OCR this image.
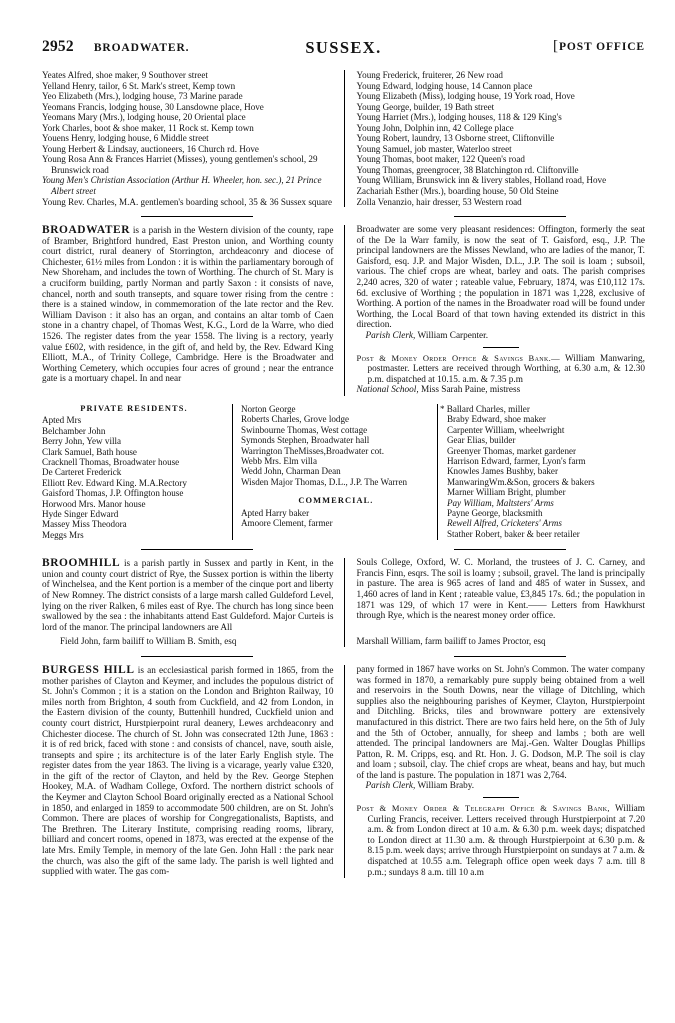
2952 BROADWATER.	SUSSEX.	[POST OFFICE

Yeates Alfred, shoe maker, 9 Southover street

Yelland Henry, tailor, 6 St. Mark's street, Kemp town

Yeo Elizabeth (Mrs.), lodging house, 73 Marine parade

Yeomans Francis, lodging house, 30 Lansdowne place, Hove

Yeomans Mary (Mrs.), lodging house, 20 Oriental place

York Charles, boot & shoe maker, 11 Rock st. Kemp town

Youens Henry, lodging house, 6 Middle street

Young Herbert & Lindsay, auctioneers, 16 Church rd. Hove

Young Rosa Ann & Frances Harriet (Misses), young gentlemen's school, 29 Brunswick road

Young Men's Christian Association (Arthur H. Wheeler, hon. sec.), 21 Prince Albert street

Young Rev. Charles, M.A. gentlemen's boarding school, 35 & 36 Sussex square

Young Frederick, fruiterer, 26 New road

Young Edward, lodging house, 14 Cannon place

Young Elizabeth (Miss), lodging house, 19 York road, Hove

Young George, builder, 19 Bath street

Young Harriet (Mrs.), lodging houses, 118 & 129 King's

Young John, Dolphin inn, 42 College place

Young Robert, laundry, 13 Osborne street, Cliftonville

Young Samuel, job master, Waterloo street

Young Thomas, boot maker, 122 Queen's road

Young Thomas, greengrocer, 38 Blatchington rd. Cliftonville

Young William, Brunswick inn & livery stables, Holland road, Hove

Zachariah Esther (Mrs.), boarding house, 50 Old Steine

Zolla Venanzio, hair dresser, 53 Western road

BROADWATER is a parish in the Western division of the county, rape of Bramber, Brightford hundred, East Preston union, and Worthing county court district, rural deanery of Storrington, archdeaconry and diocese of Chichester, 61½ miles from London : it is within the parliamentary borough of New Shoreham, and includes the town of Worthing. The church of St. Mary is a cruciform building, partly Norman and partly Saxon : it consists of nave, chancel, north and south transepts, and square tower rising from the centre : there is a stained window, in commemoration of the late rector and the Rev. William Davison : it also has an organ, and contains an altar tomb of Caen stone in a chantry chapel, of Thomas West, K.G., Lord de la Warre, who died 1526. The register dates from the year 1558. The living is a rectory, yearly value £602, with residence, in the gift of, and held by, the Rev. Edward King Elliott, M.A., of Trinity College, Cambridge. Here is the Broadwater and Worthing Cemetery, which occupies four acres of ground ; near the entrance gate is a mortuary chapel. In and near

Broadwater are some very pleasant residences: Offington, formerly the seat of the De la Warr family, is now the seat of T. Gaisford, esq., J.P. The principal landowners are the Misses Newland, who are ladies of the manor, T. Gaisford, esq. J.P. and Major Wisden, D.L., J.P. The soil is loam ; subsoil, various. The chief crops are wheat, barley and oats. The parish comprises 2,240 acres, 320 of water ; rateable value, February, 1874, was £10,112 17s. 6d. exclusive of Worthing ; the population in 1871 was 1,228, exclusive of Worthing. A portion of the names in the Broadwater road will be found under Worthing, the Local Board of that town having extended its district in this direction.

Parish Clerk, William Carpenter.

Post & Money Order Office & Savings Bank.— William Manwaring, postmaster. Letters are received through Worthing, at 6.30 a.m, & 12.30 p.m. dispatched at 10.15. a.m. & 7.35 p.m

National School, Miss Sarah Paine, mistress

PRIVATE RESIDENTS.

Apted Mrs

Belchamber John

Berry John, Yew villa

Clark Samuel, Bath house

Cracknell Thomas, Broadwater house

De Carteret Frederick

Elliott Rev. Edward King. M.A.Rectory

Gaisford Thomas, J.P. Offington house

Horwood Mrs. Manor house

Hyde Singer Edward

Massey Miss Theodora

Meggs Mrs

Norton George

Roberts Charles, Grove lodge

Swinbourne Thomas, West cottage

Symonds Stephen, Broadwater hall

Warrington TheMisses,Broadwater cot.

Webb Mrs. Elm villa

Wedd John, Charman Dean

Wisden Major Thomas, D.L., J.P. The Warren

COMMERCIAL.

Apted Harry baker

Amoore Clement, farmer

* Ballard Charles, miller

Braby Edward, shoe maker

Carpenter William, wheelwright

Gear Elias, builder

Greenyer Thomas, market gardener

Harrison Edward, farmer, Lyon's farm

Knowles James Bushby, baker

ManwaringWm.&Son, grocers & bakers

Marner William Bright, plumber

Pay William, Maltsters' Arms

Payne George, blacksmith

Rewell Alfred, Cricketers' Arms

Stather Robert, baker & beer retailer

BROOMHILL is a parish partly in Sussex and partly in Kent, in the union and county court district of Rye, the Sussex portion is within the liberty of Winchelsea, and the Kent portion is a member of the cinque port and liberty of New Romney. The district consists of a large marsh called Guldeford Level, lying on the river Ralken, 6 miles east of Rye. The church has long since been swallowed by the sea : the inhabitants attend East Guldeford. Major Curteis is lord of the manor. The principal landowners are All

Souls College, Oxford, W. C. Morland, the trustees of J. C. Carney, and Francis Finn, esqrs. The soil is loamy ; subsoil, gravel. The land is principally in pasture. The area is 965 acres of land and 485 of water in Sussex, and 1,460 acres of land in Kent ; rateable value, £3,845 17s. 6d.; the population in 1871 was 129, of which 17 were in Kent.—— Letters from Hawkhurst through Rye, which is the nearest money order office.

Field John, farm bailiff to William B. Smith, esq	Marshall William, farm bailiff to James Proctor, esq

BURGESS HILL is an ecclesiastical parish formed in 1865, from the mother parishes of Clayton and Keymer, and includes the populous district of St. John's Common ; it is a station on the London and Brighton Railway, 10 miles north from Brighton, 4 south from Cuckfield, and 42 from London, in the Eastern division of the county, Buttenhill hundred, Cuckfield union and county court district, Hurstpierpoint rural deanery, Lewes archdeaconry and Chichester diocese. The church of St. John was consecrated 12th June, 1863 : it is of red brick, faced with stone : and consists of chancel, nave, south aisle, transepts and spire ; its architecture is of the later Early English style. The register dates from the year 1863. The living is a vicarage, yearly value £320, in the gift of the rector of Clayton, and held by the Rev. George Stephen Hookey, M.A. of Wadham College, Oxford. The northern district schools of the Keymer and Clayton School Board originally erected as a National School in 1850, and enlarged in 1859 to accommodate 500 children, are on St. John's Common. There are places of worship for Congregationalists, Baptists, and The Brethren. The Literary Institute, comprising reading rooms, library, billiard and concert rooms, opened in 1873, was erected at the expense of the late Mrs. Emily Temple, in memory of the late Gen. John Hall : the park near the church, was also the gift of the same lady. The parish is well lighted and supplied with water. The gas com-

pany formed in 1867 have works on St. John's Common. The water company was formed in 1870, a remarkably pure supply being obtained from a well and reservoirs in the South Downs, near the village of Ditchling, which supplies also the neighbouring parishes of Keymer, Clayton, Hurstpierpoint and Ditchling. Bricks, tiles and brownware pottery are extensively manufactured in this district. There are two fairs held here, on the 5th of July and the 5th of October, annually, for sheep and lambs ; both are well attended. The principal landowners are Maj.-Gen. Walter Douglas Phillips Patton, R. M. Cripps, esq. and Rt. Hon. J. G. Dodson, M.P. The soil is clay and loam ; subsoil, clay. The chief crops are wheat, beans and hay, but much of the land is pasture. The population in 1871 was 2,764.

Parish Clerk, William Braby.

Post & Money Order & Telegraph Office & Savings Bank, William Curling Francis, receiver. Letters received through Hurstpierpoint at 7.20 a.m. & from London direct at 10 a.m. & 6.30 p.m. week days; dispatched to London direct at 11.30 a.m. & through Hurstpierpoint at 6.30 p.m. & 8.15 p.m. week days; arrive through Hurstpierpoint on sundays at 7 a.m. & dispatched at 10.55 a.m. Telegraph office open week days 7 a.m. till 8 p.m.; sundays 8 a.m. till 10 a.m
